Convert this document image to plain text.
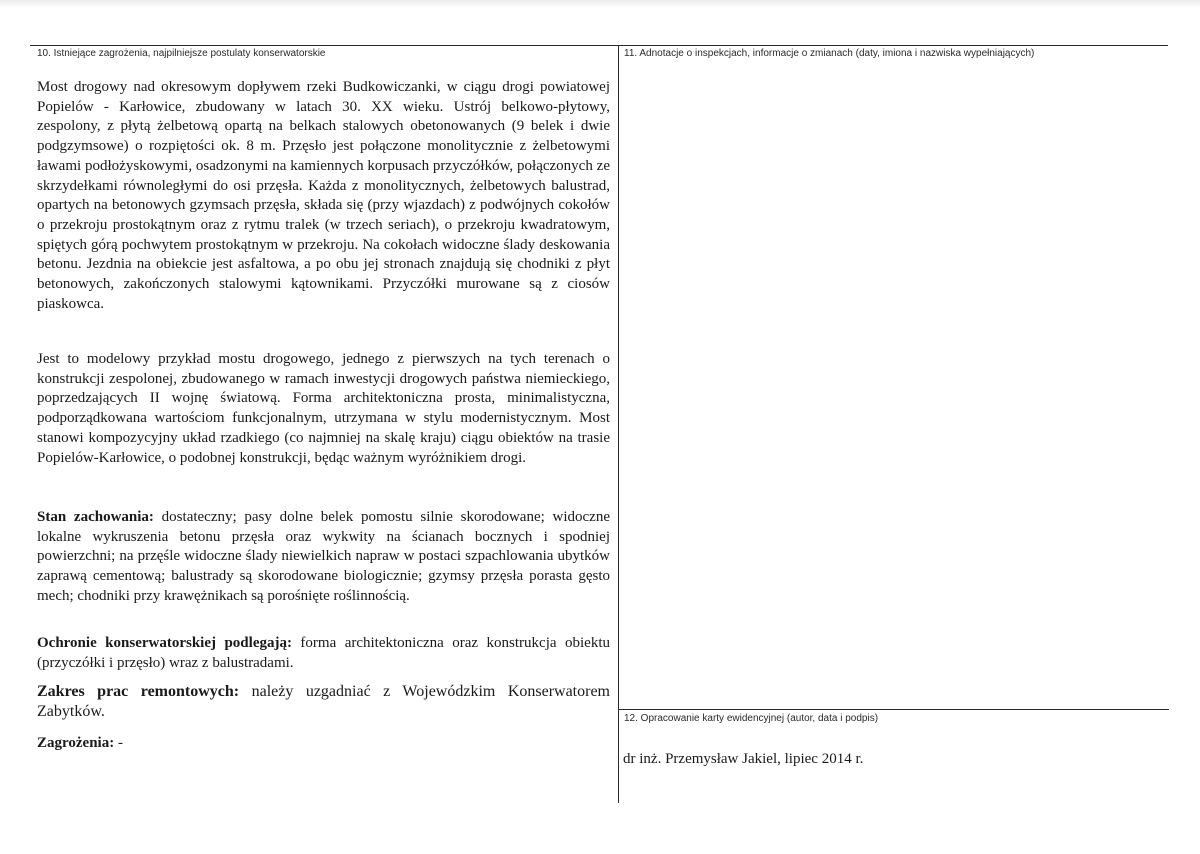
10. Istniejące zagrożenia, najpilniejsze postulaty konserwatorskie

Most drogowy nad okresowym dopływem rzeki Budkowiczanki, w ciągu drogi powiatowej Popielów - Karłowice, zbudowany w latach 30. XX wieku. Ustrój belkowo-płytowy, zespolony, z płytą żelbetową opartą na belkach stalowych obetonowanych (9 belek i dwie podgzymsowe) o rozpiętości ok. 8 m. Przęsło jest połączone monolitycznie z żelbetowymi ławami podłożyskowymi, osadzonymi na kamiennych korpusach przyczółków, połączonych ze skrzydełkami równoległymi do osi przęsła. Każda z monolitycznych, żelbetowych balustrad, opartych na betonowych gzymsach przęsła, składa się (przy wjazdach) z podwójnych cokołów o przekroju prostokątnym oraz z rytmu tralek (w trzech seriach), o przekroju kwadratowym, spiętych górą pochwytem prostokątnym w przekroju. Na cokołach widoczne ślady deskowania betonu. Jezdnia na obiekcie jest asfaltowa, a po obu jej stronach znajdują się chodniki z płyt betonowych, zakończonych stalowymi kątownikami. Przyczółki murowane są z ciosów piaskowca.

Jest to modelowy przykład mostu drogowego, jednego z pierwszych na tych terenach o konstrukcji zespolonej, zbudowanego w ramach inwestycji drogowych państwa niemieckiego, poprzedzających II wojnę światową. Forma architektoniczna prosta, minimalistyczna, podporządkowana wartościom funkcjonalnym, utrzymana w stylu modernistycznym. Most stanowi kompozycyjny układ rzadkiego (co najmniej na skalę kraju) ciągu obiektów na trasie Popielów-Karłowice, o podobnej konstrukcji, będąc ważnym wyróżnikiem drogi.

Stan zachowania: dostateczny; pasy dolne belek pomostu silnie skorodowane; widoczne lokalne wykruszenia betonu przęsła oraz wykwity na ścianach bocznych i spodniej powierzchni; na przęśle widoczne ślady niewielkich napraw w postaci szpachlowania ubytków zaprawą cementową; balustrady są skorodowane biologicznie; gzymsy przęsła porasta gęsto mech; chodniki przy krawężnikach są porośnięte roślinnością.

Ochronie konserwatorskiej podlegają: forma architektoniczna oraz konstrukcja obiektu (przyczółki i przęsło) wraz z balustradami.

Zakres prac remontowych: należy uzgadniać z Wojewódzkim Konserwatorem Zabytków.

Zagrożenia: -

11. Adnotacje o inspekcjach, informacje o zmianach (daty, imiona i nazwiska wypełniających)
12. Opracowanie karty ewidencyjnej (autor, data i podpis)
dr inż. Przemysław Jakiel, lipiec 2014 r.
